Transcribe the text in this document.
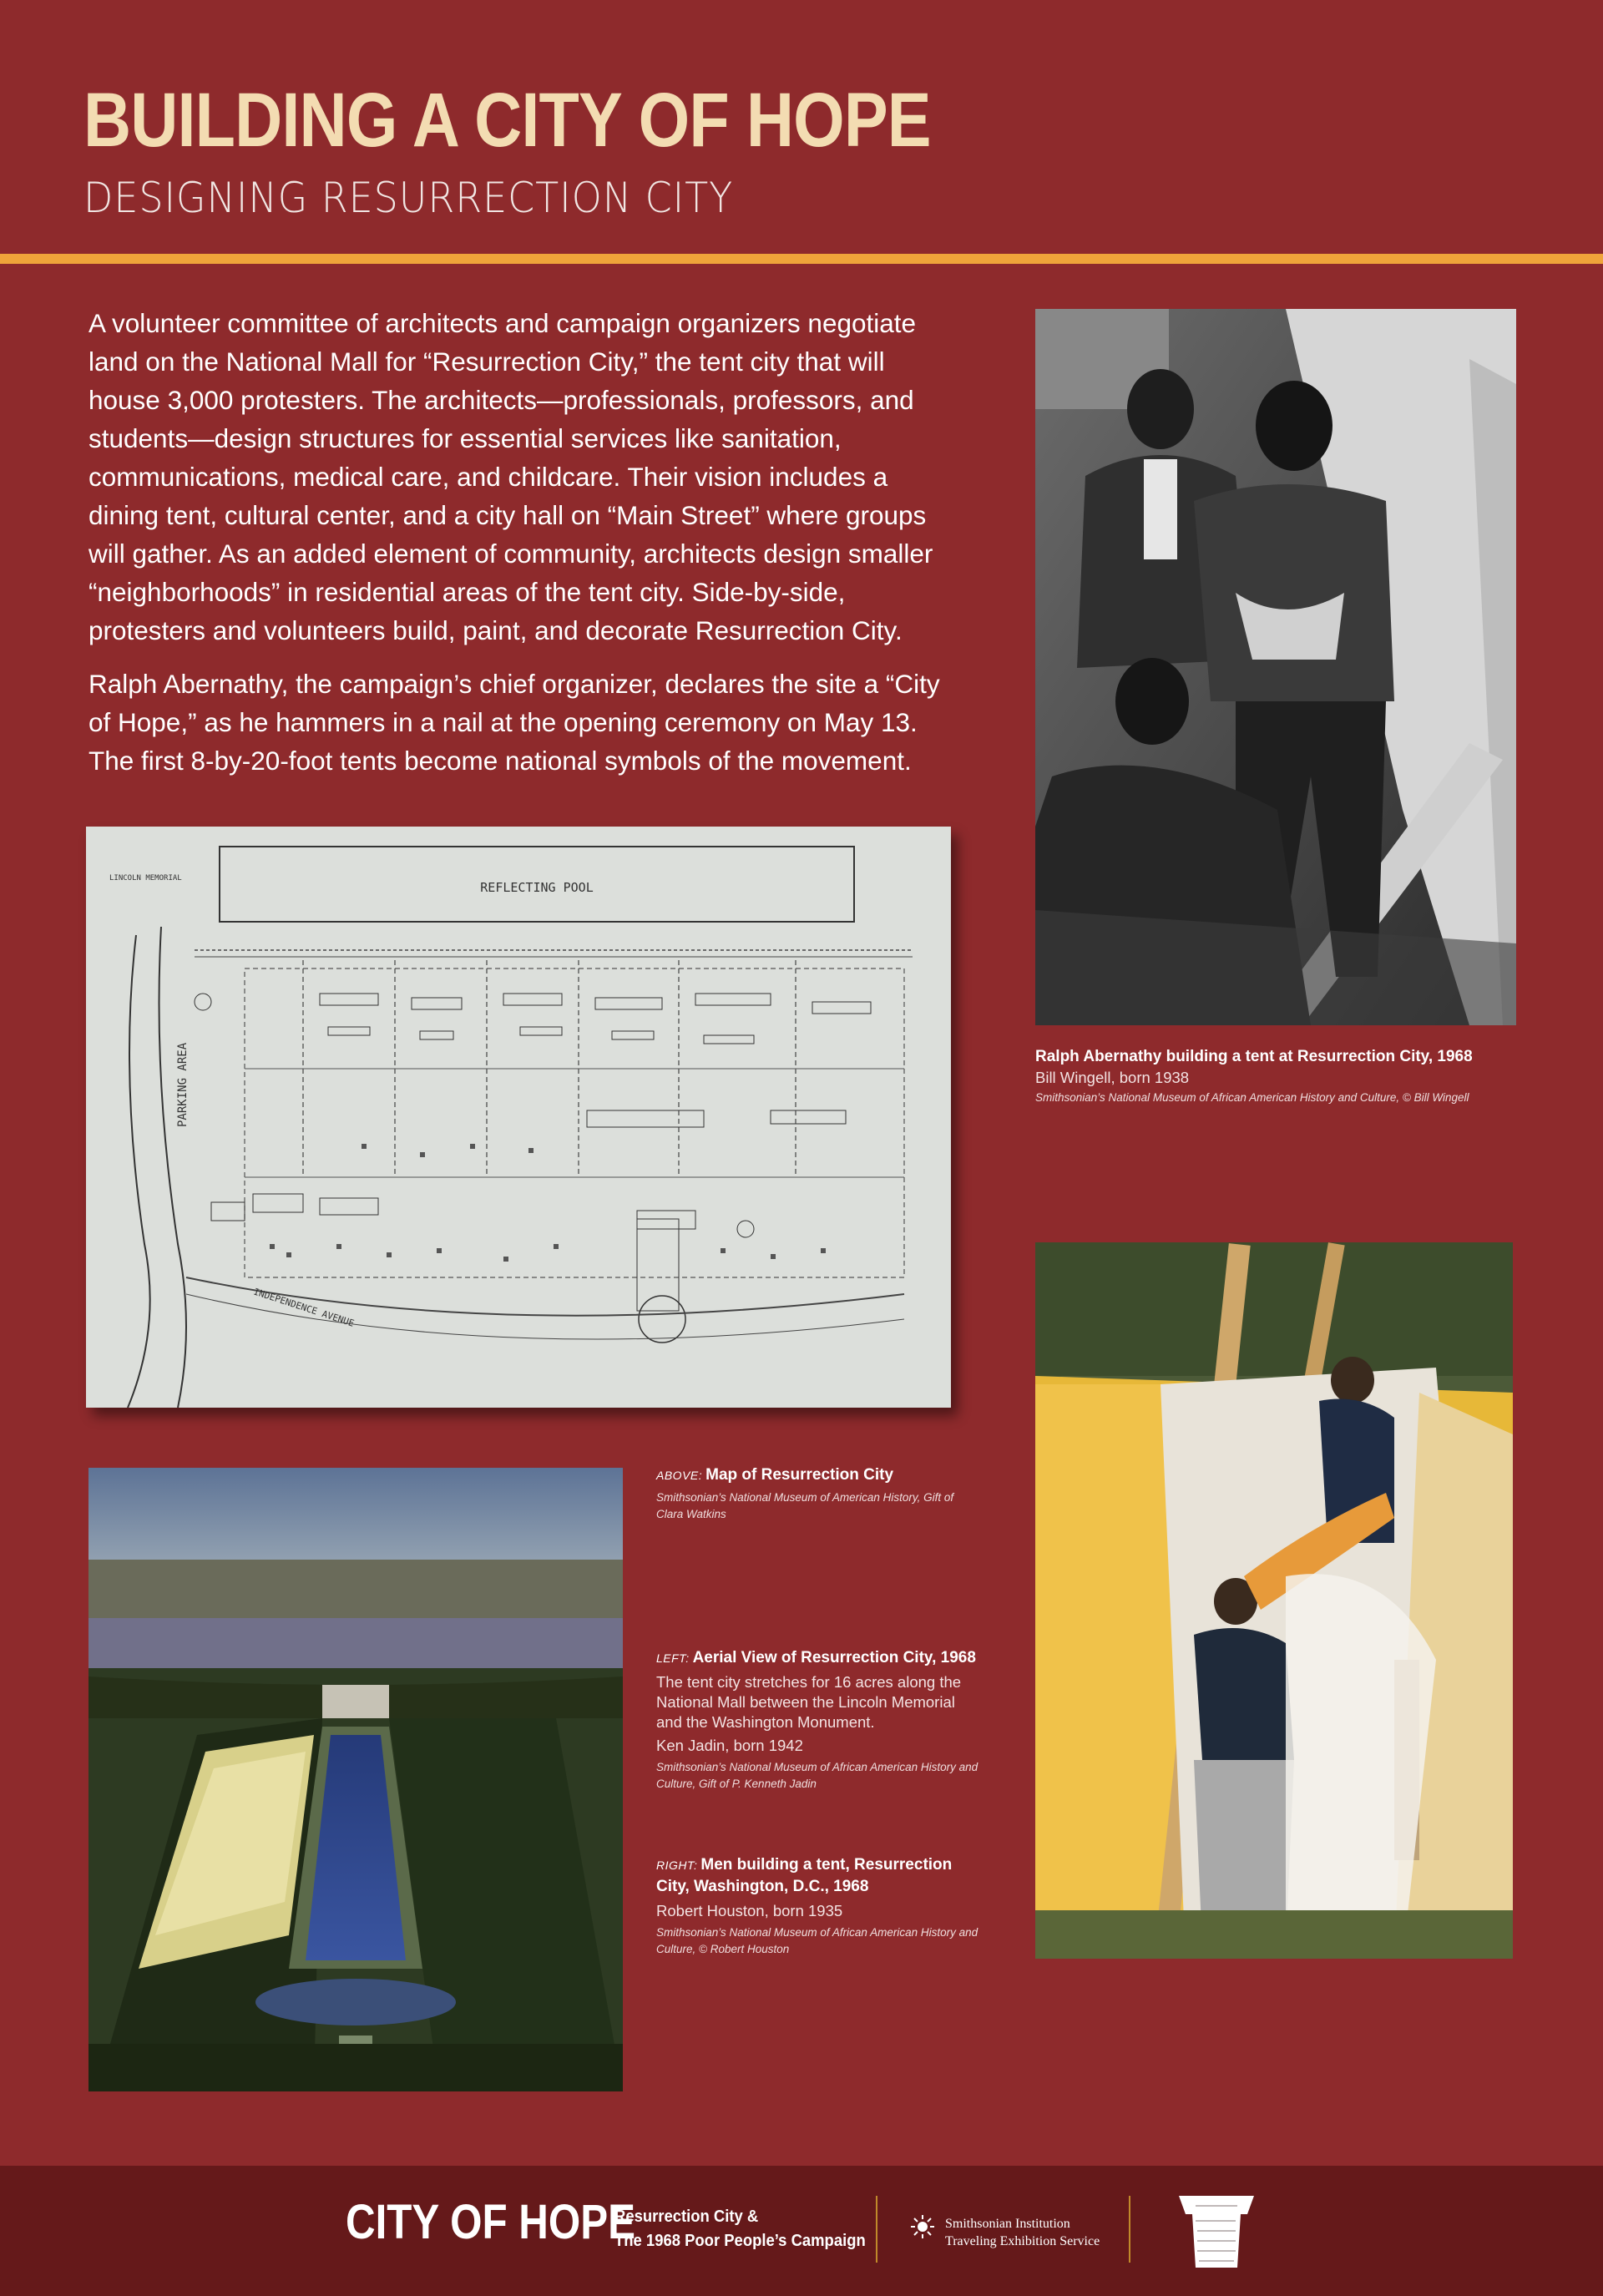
BUILDING A CITY OF HOPE
DESIGNING RESURRECTION CITY
A volunteer committee of architects and campaign organizers negotiate land on the National Mall for “Resurrection City,” the tent city that will house 3,000 protesters. The architects—professionals, professors, and students—design structures for essential services like sanitation, communications, medical care, and childcare. Their vision includes a dining tent, cultural center, and a city hall on “Main Street” where groups will gather. As an added element of community, architects design smaller “neighborhoods” in residential areas of the tent city. Side-by-side, protesters and volunteers build, paint, and decorate Resurrection City.
Ralph Abernathy, the campaign’s chief organizer, declares the site a “City of Hope,” as he hammers in a nail at the opening ceremony on May 13. The first 8-by-20-foot tents become national symbols of the movement.
Ralph Abernathy building a tent at Resurrection City, 1968
Bill Wingell, born 1938
Smithsonian’s National Museum of African American History and Culture, © Bill Wingell
REFLECTING POOL
LINCOLN MEMORIAL
PARKING AREA
INDEPENDENCE AVENUE
ABOVE: Map of Resurrection City
Smithsonian’s National Museum of American History, Gift of Clara Watkins
LEFT: Aerial View of Resurrection City, 1968
The tent city stretches for 16 acres along the National Mall between the Lincoln Memorial and the Washington Monument.
Ken Jadin, born 1942
Smithsonian’s National Museum of African American History and Culture, Gift of P. Kenneth Jadin
RIGHT: Men building a tent, Resurrection City, Washington, D.C., 1968
Robert Houston, born 1935
Smithsonian’s National Museum of African American History and Culture, © Robert Houston
CITY OF HOPE
Resurrection City &
The 1968 Poor People’s Campaign
Smithsonian Institution
Traveling Exhibition Service
